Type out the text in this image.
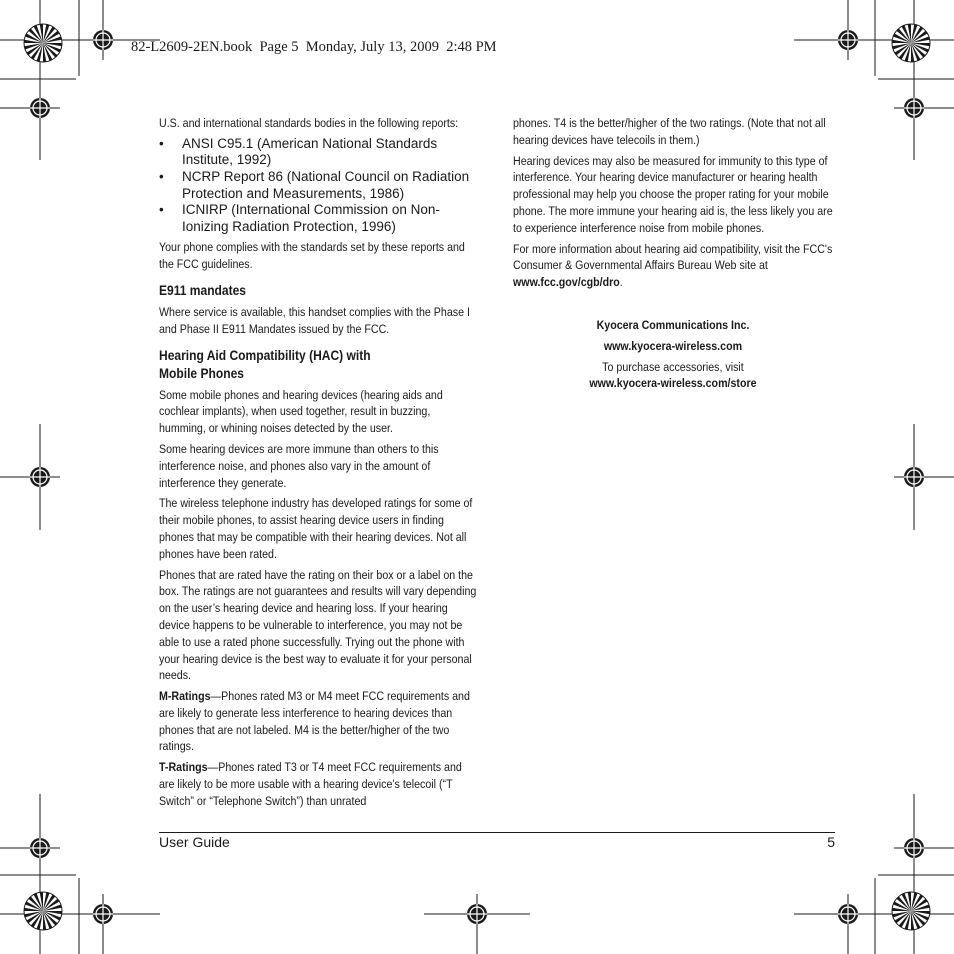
82-L2609-2EN.book  Page 5  Monday, July 13, 2009  2:48 PM

U.S. and international standards bodies in the following reports:

• ANSI C95.1 (American National Standards Institute, 1992)
• NCRP Report 86 (National Council on Radiation Protection and Measurements, 1986)
• ICNIRP (International Commission on Non-Ionizing Radiation Protection, 1996)

Your phone complies with the standards set by these reports and the FCC guidelines.

E911 mandates

Where service is available, this handset complies with the Phase I and Phase II E911 Mandates issued by the FCC.

Hearing Aid Compatibility (HAC) with
Mobile Phones

Some mobile phones and hearing devices (hearing aids and cochlear implants), when used together, result in buzzing, humming, or whining noises detected by the user.

Some hearing devices are more immune than others to this interference noise, and phones also vary in the amount of interference they generate.

The wireless telephone industry has developed ratings for some of their mobile phones, to assist hearing device users in finding phones that may be compatible with their hearing devices. Not all phones have been rated.

Phones that are rated have the rating on their box or a label on the box. The ratings are not guarantees and results will vary depending on the user’s hearing device and hearing loss. If your hearing device happens to be vulnerable to interference, you may not be able to use a rated phone successfully. Trying out the phone with your hearing device is the best way to evaluate it for your personal needs.

M-Ratings—Phones rated M3 or M4 meet FCC requirements and are likely to generate less interference to hearing devices than phones that are not labeled. M4 is the better/higher of the two ratings.

T-Ratings—Phones rated T3 or T4 meet FCC requirements and are likely to be more usable with a hearing device’s telecoil (“T Switch” or “Telephone Switch”) than unrated

phones. T4 is the better/higher of the two ratings. (Note that not all hearing devices have telecoils in them.)

Hearing devices may also be measured for immunity to this type of interference. Your hearing device manufacturer or hearing health professional may help you choose the proper rating for your mobile phone. The more immune your hearing aid is, the less likely you are to experience interference noise from mobile phones.

For more information about hearing aid compatibility, visit the FCC's Consumer & Governmental Affairs Bureau Web site at www.fcc.gov/cgb/dro.

Kyocera Communications Inc.

www.kyocera-wireless.com

To purchase accessories, visit

www.kyocera-wireless.com/store

User Guide	5
